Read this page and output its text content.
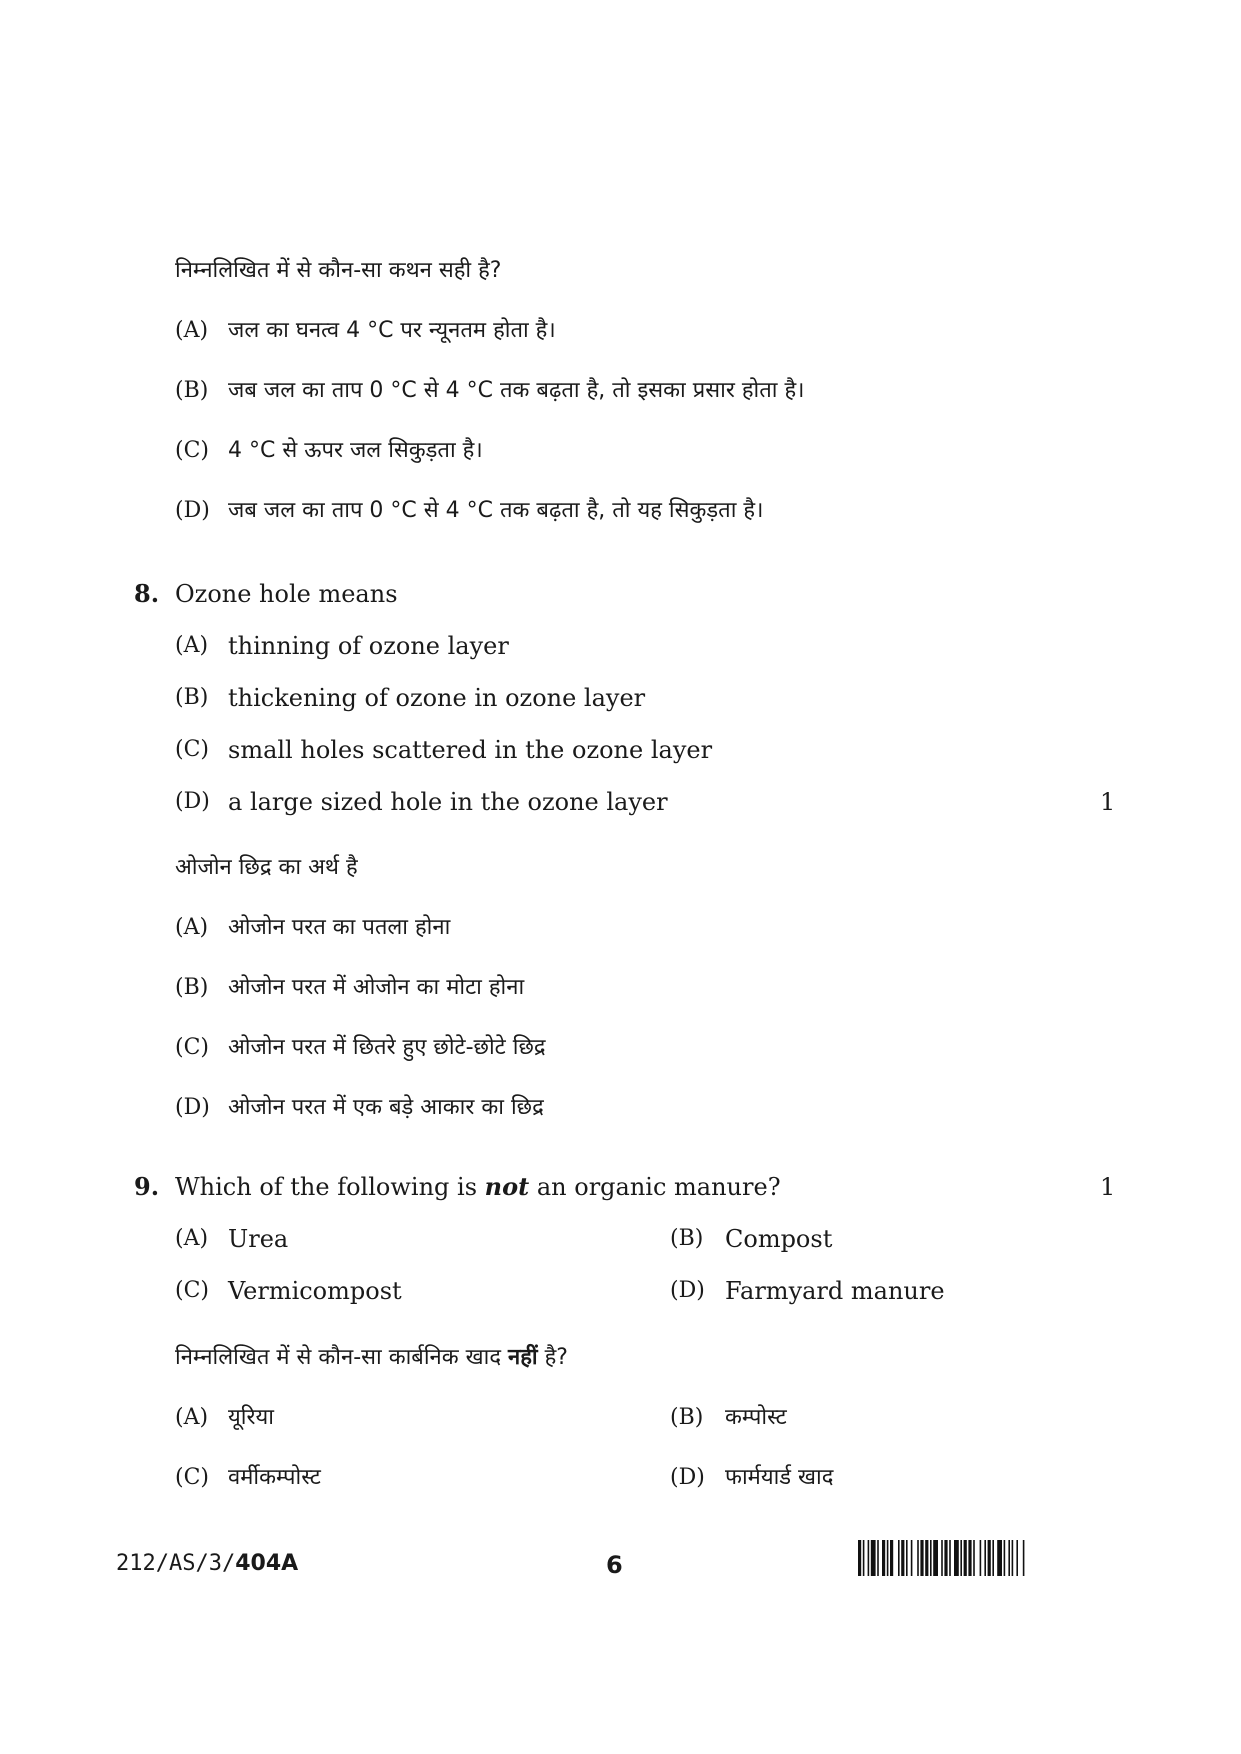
निम्नलिखित में से कौन-सा कथन सही है?
(A) जल का घनत्व 4 °C पर न्यूनतम होता है।
(B) जब जल का ताप 0 °C से 4 °C तक बढ़ता है, तो इसका प्रसार होता है।
(C) 4 °C से ऊपर जल सिकुड़ता है।
(D) जब जल का ताप 0 °C से 4 °C तक बढ़ता है, तो यह सिकुड़ता है।
8. Ozone hole means
(A) thinning of ozone layer
(B) thickening of ozone in ozone layer
(C) small holes scattered in the ozone layer
(D) a large sized hole in the ozone layer	1
ओजोन छिद्र का अर्थ है
(A) ओजोन परत का पतला होना
(B) ओजोन परत में ओजोन का मोटा होना
(C) ओजोन परत में छितरे हुए छोटे-छोटे छिद्र
(D) ओजोन परत में एक बड़े आकार का छिद्र
9. Which of the following is not an organic manure?	1
(A) Urea	(B) Compost
(C) Vermicompost	(D) Farmyard manure
निम्नलिखित में से कौन-सा कार्बनिक खाद नहीं है?
(A) यूरिया	(B) कम्पोस्ट
(C) वर्मीकम्पोस्ट	(D) फार्मयार्ड खाद
212/AS/3/404A	6
